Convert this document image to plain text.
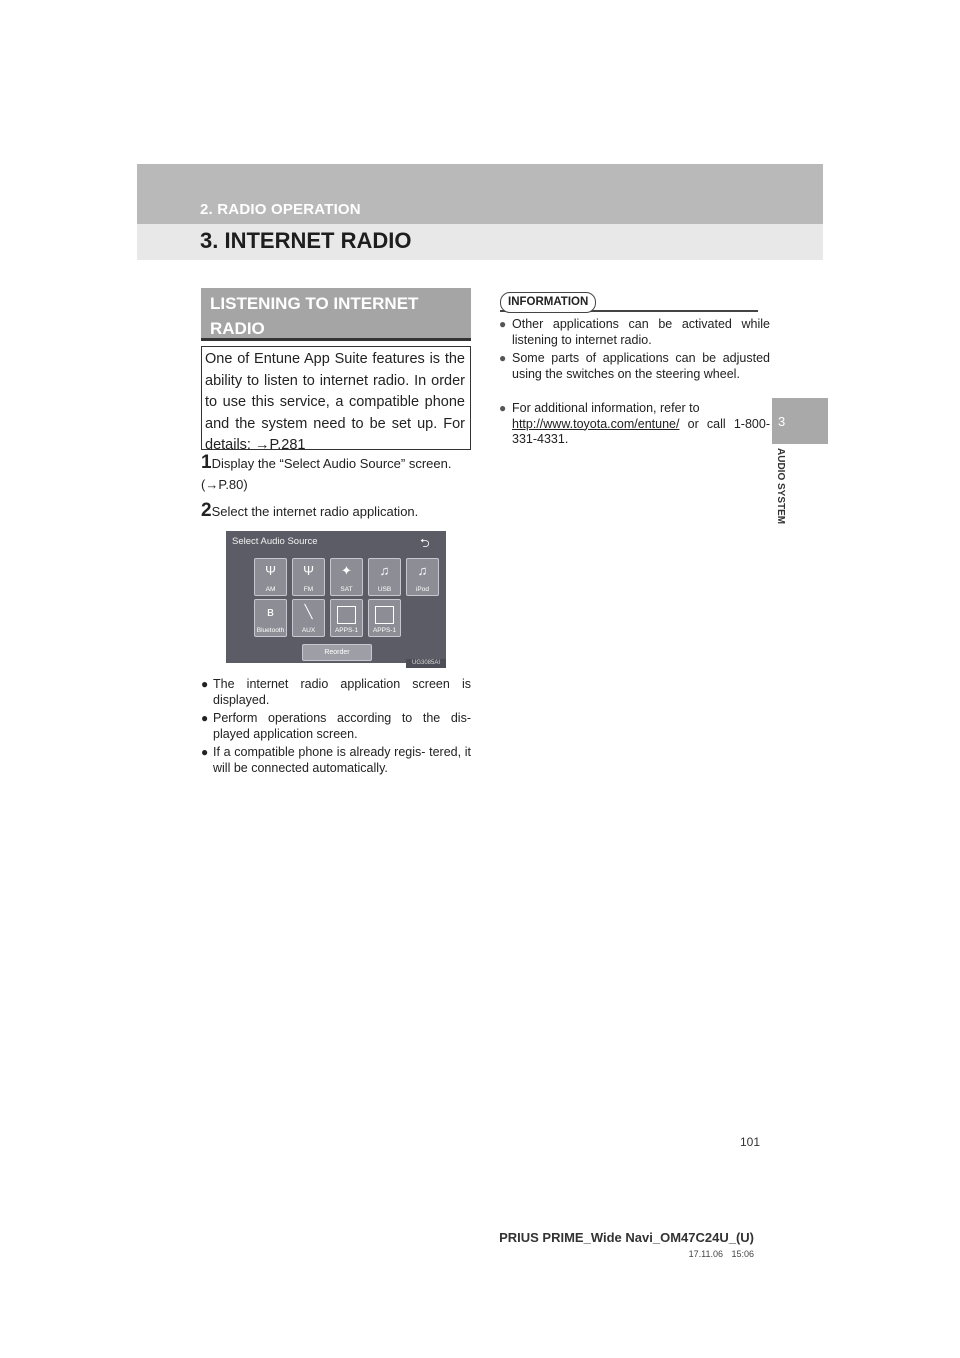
2. RADIO OPERATION
3. INTERNET RADIO
3
AUDIO SYSTEM
LISTENING TO INTERNET RADIO
One of Entune App Suite features is the ability to listen to internet radio. In order to use this service, a compatible phone and the system need to be set up. For details: →P.281
1Display the “Select Audio Source” screen. (→P.80)
2Select the internet radio application.
Select Audio Source	⮌
Ψ
AM
Ψ
FM
✦
SAT
♫
USB
♫
iPod
ʙ
Bluetooth
╲
AUX	APPS-1	APPS-1
Reorder
UG3085AI
● The internet radio application screen is displayed.
● Perform operations according to the dis- played application screen.
● If a compatible phone is already regis- tered, it will be connected automatically.
INFORMATION
● Other applications can be activated while listening to internet radio.
● Some parts of applications can be adjusted using the switches on the steering wheel.
● For additional information, refer to
http://www.toyota.com/entune/ or call 1-800-331-4331.
101
PRIUS PRIME_Wide Navi_OM47C24U_(U)
17.11.06 15:06
